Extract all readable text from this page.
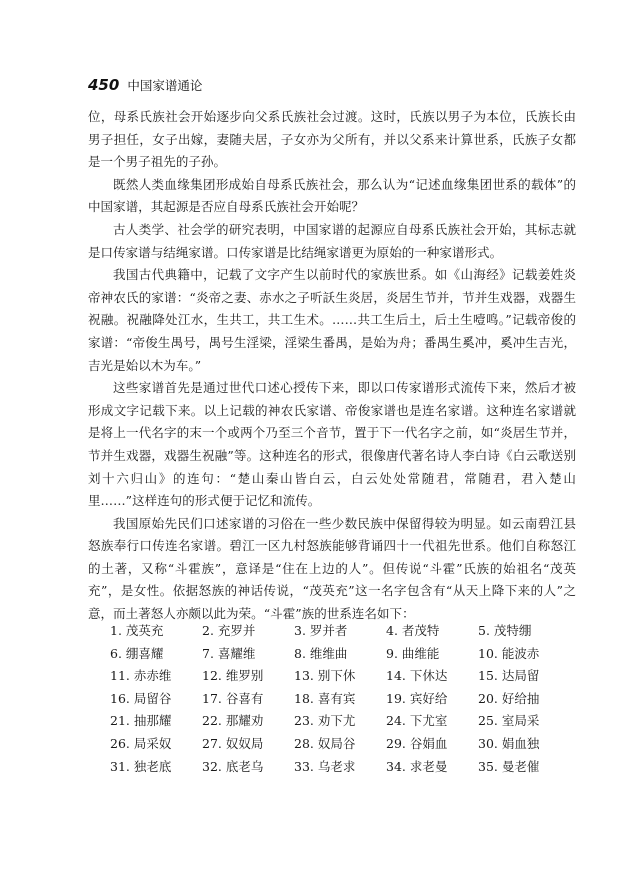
450 中国家谱通论

位，母系氏族社会开始逐步向父系氏族社会过渡。这时，氏族以男子为本位，氏族长由男子担任，女子出嫁，妻随夫居，子女亦为父所有，并以父系来计算世系，氏族子女都是一个男子祖先的子孙。

既然人类血缘集团形成始自母系氏族社会，那么认为“记述血缘集团世系的载体”的中国家谱，其起源是否应自母系氏族社会开始呢？

古人类学、社会学的研究表明，中国家谱的起源应自母系氏族社会开始，其标志就是口传家谱与结绳家谱。口传家谱是比结绳家谱更为原始的一种家谱形式。

我国古代典籍中，记载了文字产生以前时代的家族世系。如《山海经》记载姜姓炎帝神农氏的家谱：“炎帝之妻、赤水之子听訞生炎居，炎居生节并，节并生戏器，戏器生祝融。祝融降处江水，生共工，共工生术。……共工生后土，后土生噎鸣。”记载帝俊的家谱：“帝俊生禺号，禺号生淫梁，淫梁生番禺，是始为舟；番禺生奚冲，奚冲生吉光，吉光是始以木为车。”

这些家谱首先是通过世代口述心授传下来，即以口传家谱形式流传下来，然后才被形成文字记载下来。以上记载的神农氏家谱、帝俊家谱也是连名家谱。这种连名家谱就是将上一代名字的末一个或两个乃至三个音节，置于下一代名字之前，如“炎居生节并，节并生戏器，戏器生祝融”等。这种连名的形式，很像唐代著名诗人李白诗《白云歌送别刘十六归山》的连句：“楚山秦山皆白云，白云处处常随君，常随君，君入楚山里……”这样连句的形式便于记忆和流传。

我国原始先民们口述家谱的习俗在一些少数民族中保留得较为明显。如云南碧江县怒族奉行口传连名家谱。碧江一区九村怒族能够背诵四十一代祖先世系。他们自称怒江的土著，又称“斗霍族”，意译是“住在上边的人”。但传说“斗霍”氏族的始祖名“茂英充”，是女性。依据怒族的神话传说，“茂英充”这一名字包含有“从天上降下来的人”之意，而土著怒人亦颇以此为荣。“斗霍”族的世系连名如下：

1. 茂英充	2. 充罗并	3. 罗并者	4. 者茂特	5. 茂特绷
6. 绷喜耀	7. 喜耀维	8. 维维曲	9. 曲维能	10. 能波赤
11. 赤赤维	12. 维罗别	13. 别下休	14. 下休达	15. 达局留
16. 局留谷	17. 谷喜有	18. 喜有宾	19. 宾好给	20. 好给抽
21. 抽那耀	22. 那耀劝	23. 劝下尤	24. 下尤室	25. 室局采
26. 局采奴	27. 奴奴局	28. 奴局谷	29. 谷娟血	30. 娟血独
31. 独老底	32. 底老乌	33. 乌老求	34. 求老曼	35. 曼老催
